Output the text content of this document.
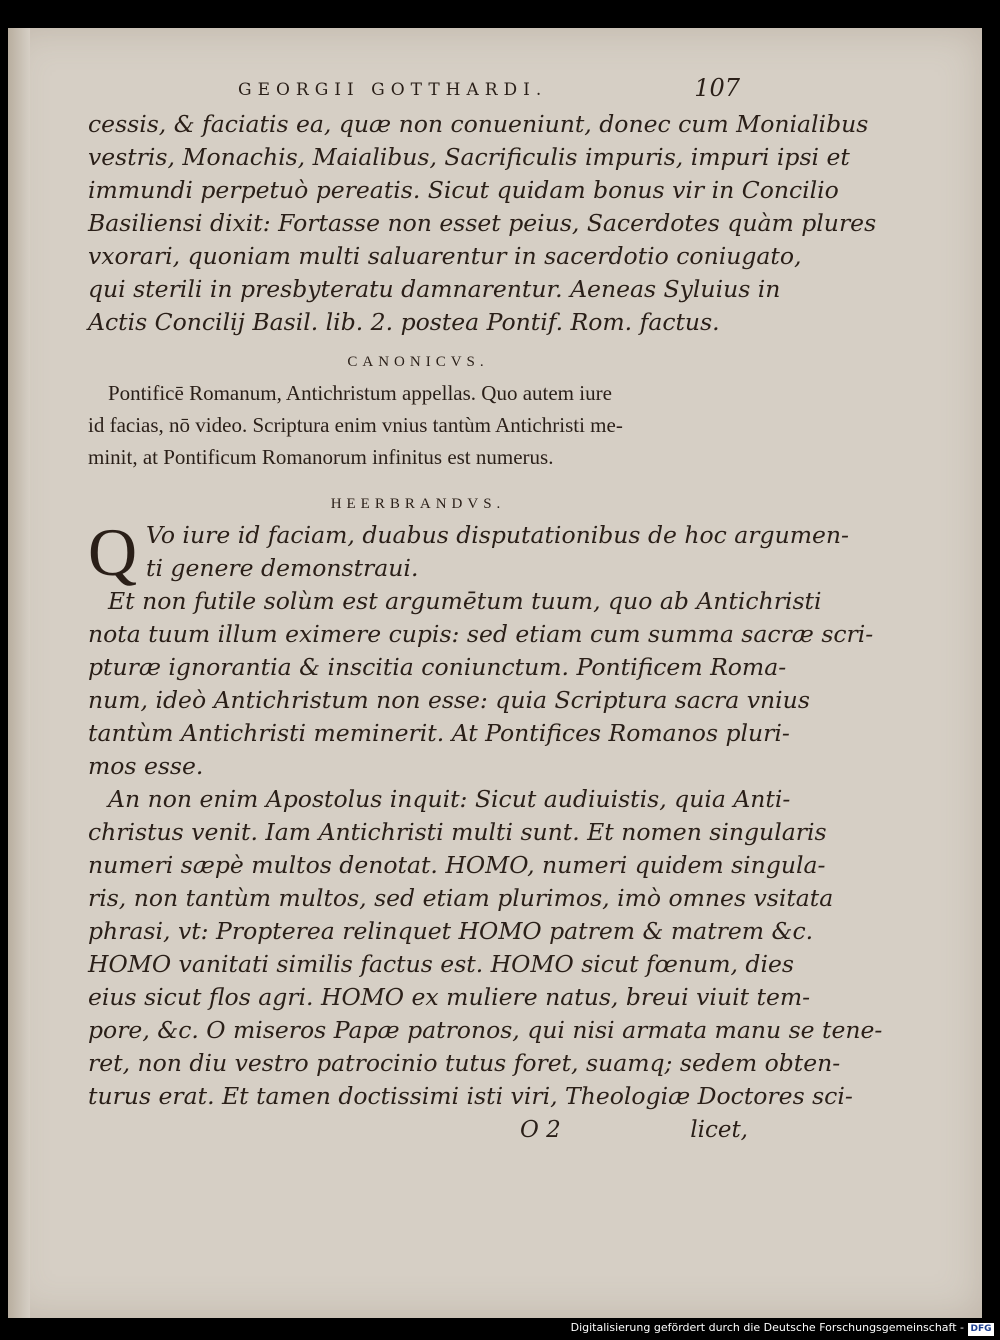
GEORGII GOTTHARDI.	107
cessis, & faciatis ea, quæ non conueniunt, donec cum Monialibus
vestris, Monachis, Maialibus, Sacrificulis impuris, impuri ipsi et
immundi perpetuò pereatis. Sicut quidam bonus vir in Concilio
Basiliensi dixit: Fortasse non esset peius, Sacerdotes quàm plures
vxorari, quoniam multi saluarentur in sacerdotio coniugato,
qui sterili in presbyteratu damnarentur. Aeneas Syluius in
Actis Concilij Basil. lib. 2. postea Pontif. Rom. factus.
CANONICVS.
Pontificē Romanum, Antichristum appellas. Quo autem iure
id facias, nō video. Scriptura enim vnius tantùm Antichristi me-
minit, at Pontificum Romanorum infinitus est numerus.
HEERBRANDVS.
Q Vo iure id faciam, duabus disputationibus de hoc argumen-
ti genere demonstraui.
Et non futile solùm est argumētum tuum, quo ab Antichristi
nota tuum illum eximere cupis: sed etiam cum summa sacræ scri-
pturæ ignorantia & inscitia coniunctum. Pontificem Roma-
num, ideò Antichristum non esse: quia Scriptura sacra vnius
tantùm Antichristi meminerit. At Pontifices Romanos pluri-
mos esse.
An non enim Apostolus inquit: Sicut audiuistis, quia Anti-
christus venit. Iam Antichristi multi sunt. Et nomen singularis
numeri sæpè multos denotat. HOMO, numeri quidem singula-
ris, non tantùm multos, sed etiam plurimos, imò omnes vsitata
phrasi, vt: Propterea relinquet HOMO patrem & matrem &c.
HOMO vanitati similis factus est. HOMO sicut fœnum, dies
eius sicut flos agri. HOMO ex muliere natus, breui viuit tem-
pore, &c. O miseros Papæ patronos, qui nisi armata manu se tene-
ret, non diu vestro patrocinio tutus foret, suamq; sedem obten-
turus erat. Et tamen doctissimi isti viri, Theologiæ Doctores sci-
O 2	licet,
Digitalisierung gefördert durch die Deutsche Forschungsgemeinschaft - DFG
